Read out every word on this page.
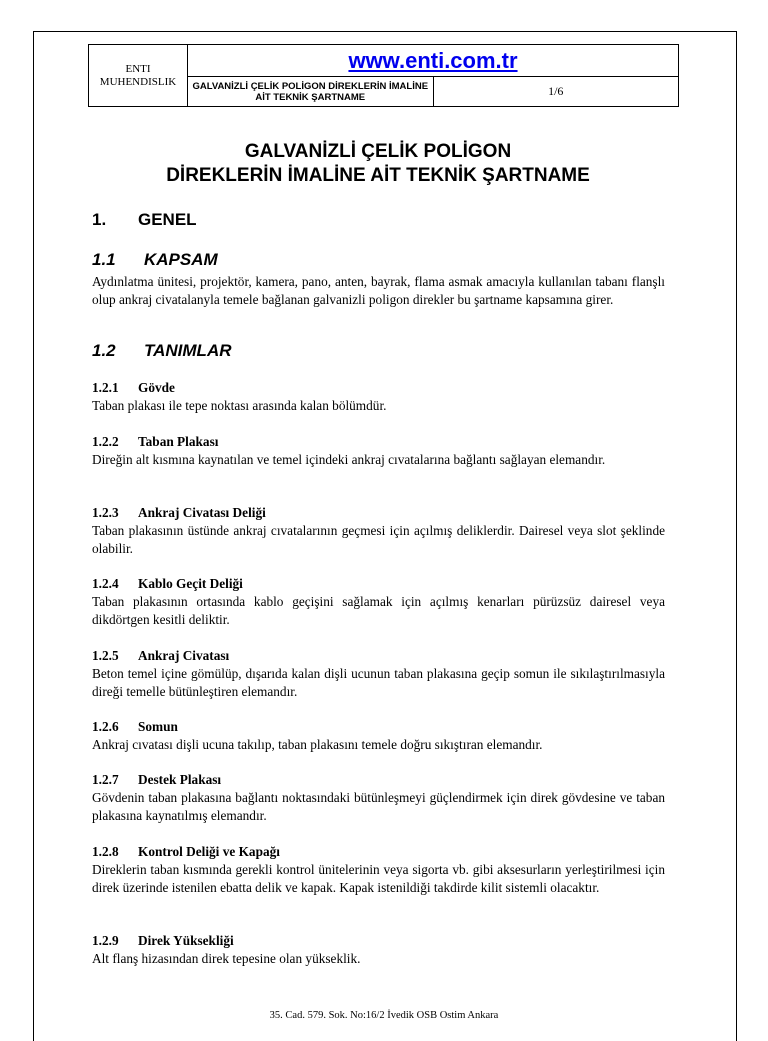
ENTI
MUHENDISLIK	www.enti.com.tr	
	GALVANİZLİ ÇELİK POLİGON DİREKLERİN İMALİNE AİT TEKNİK ŞARTNAME	1/6
GALVANİZLİ ÇELİK POLİGON
DİREKLERİN İMALİNE AİT TEKNİK ŞARTNAME
1. GENEL
1.1 KAPSAM
Aydınlatma ünitesi, projektör, kamera, pano, anten, bayrak, flama asmak amacıyla kullanılan tabanı flanşlı olup ankraj civatalanyla temele bağlanan galvanizli poligon direkler bu şartname kapsamına girer.
1.2 TANIMLAR
1.2.1 Gövde
Taban plakası ile tepe noktası arasında kalan bölümdür.
1.2.2 Taban Plakası
Direğin alt kısmına kaynatılan ve temel içindeki ankraj cıvatalarına bağlantı sağlayan elemandır.
1.2.3 Ankraj Civatası Deliği
Taban plakasının üstünde ankraj cıvatalarının geçmesi için açılmış deliklerdir. Dairesel veya slot şeklinde olabilir.
1.2.4 Kablo Geçit Deliği
Taban plakasının ortasında kablo geçişini sağlamak için açılmış kenarları pürüzsüz dairesel veya dikdörtgen kesitli deliktir.
1.2.5 Ankraj Civatası
Beton temel içine gömülüp, dışarıda kalan dişli ucunun taban plakasına geçip somun ile sıkılaştırılmasıyla direği temelle bütünleştiren elemandır.
1.2.6 Somun
Ankraj cıvatası dişli ucuna takılıp, taban plakasını temele doğru sıkıştıran elemandır.
1.2.7 Destek Plakası
Gövdenin taban plakasına bağlantı noktasındaki bütünleşmeyi güçlendirmek için direk gövdesine ve taban plakasına kaynatılmış elemandır.
1.2.8 Kontrol Deliği ve Kapağı
Direklerin taban kısmında gerekli kontrol ünitelerinin veya sigorta vb. gibi aksesurların yerleştirilmesi için direk üzerinde istenilen ebatta delik ve kapak. Kapak istenildiği takdirde kilit sistemli olacaktır.
1.2.9 Direk Yüksekliği
Alt flanş hizasından direk tepesine olan yükseklik.
35. Cad. 579. Sok. No:16/2 İvedik OSB Ostim Ankara
